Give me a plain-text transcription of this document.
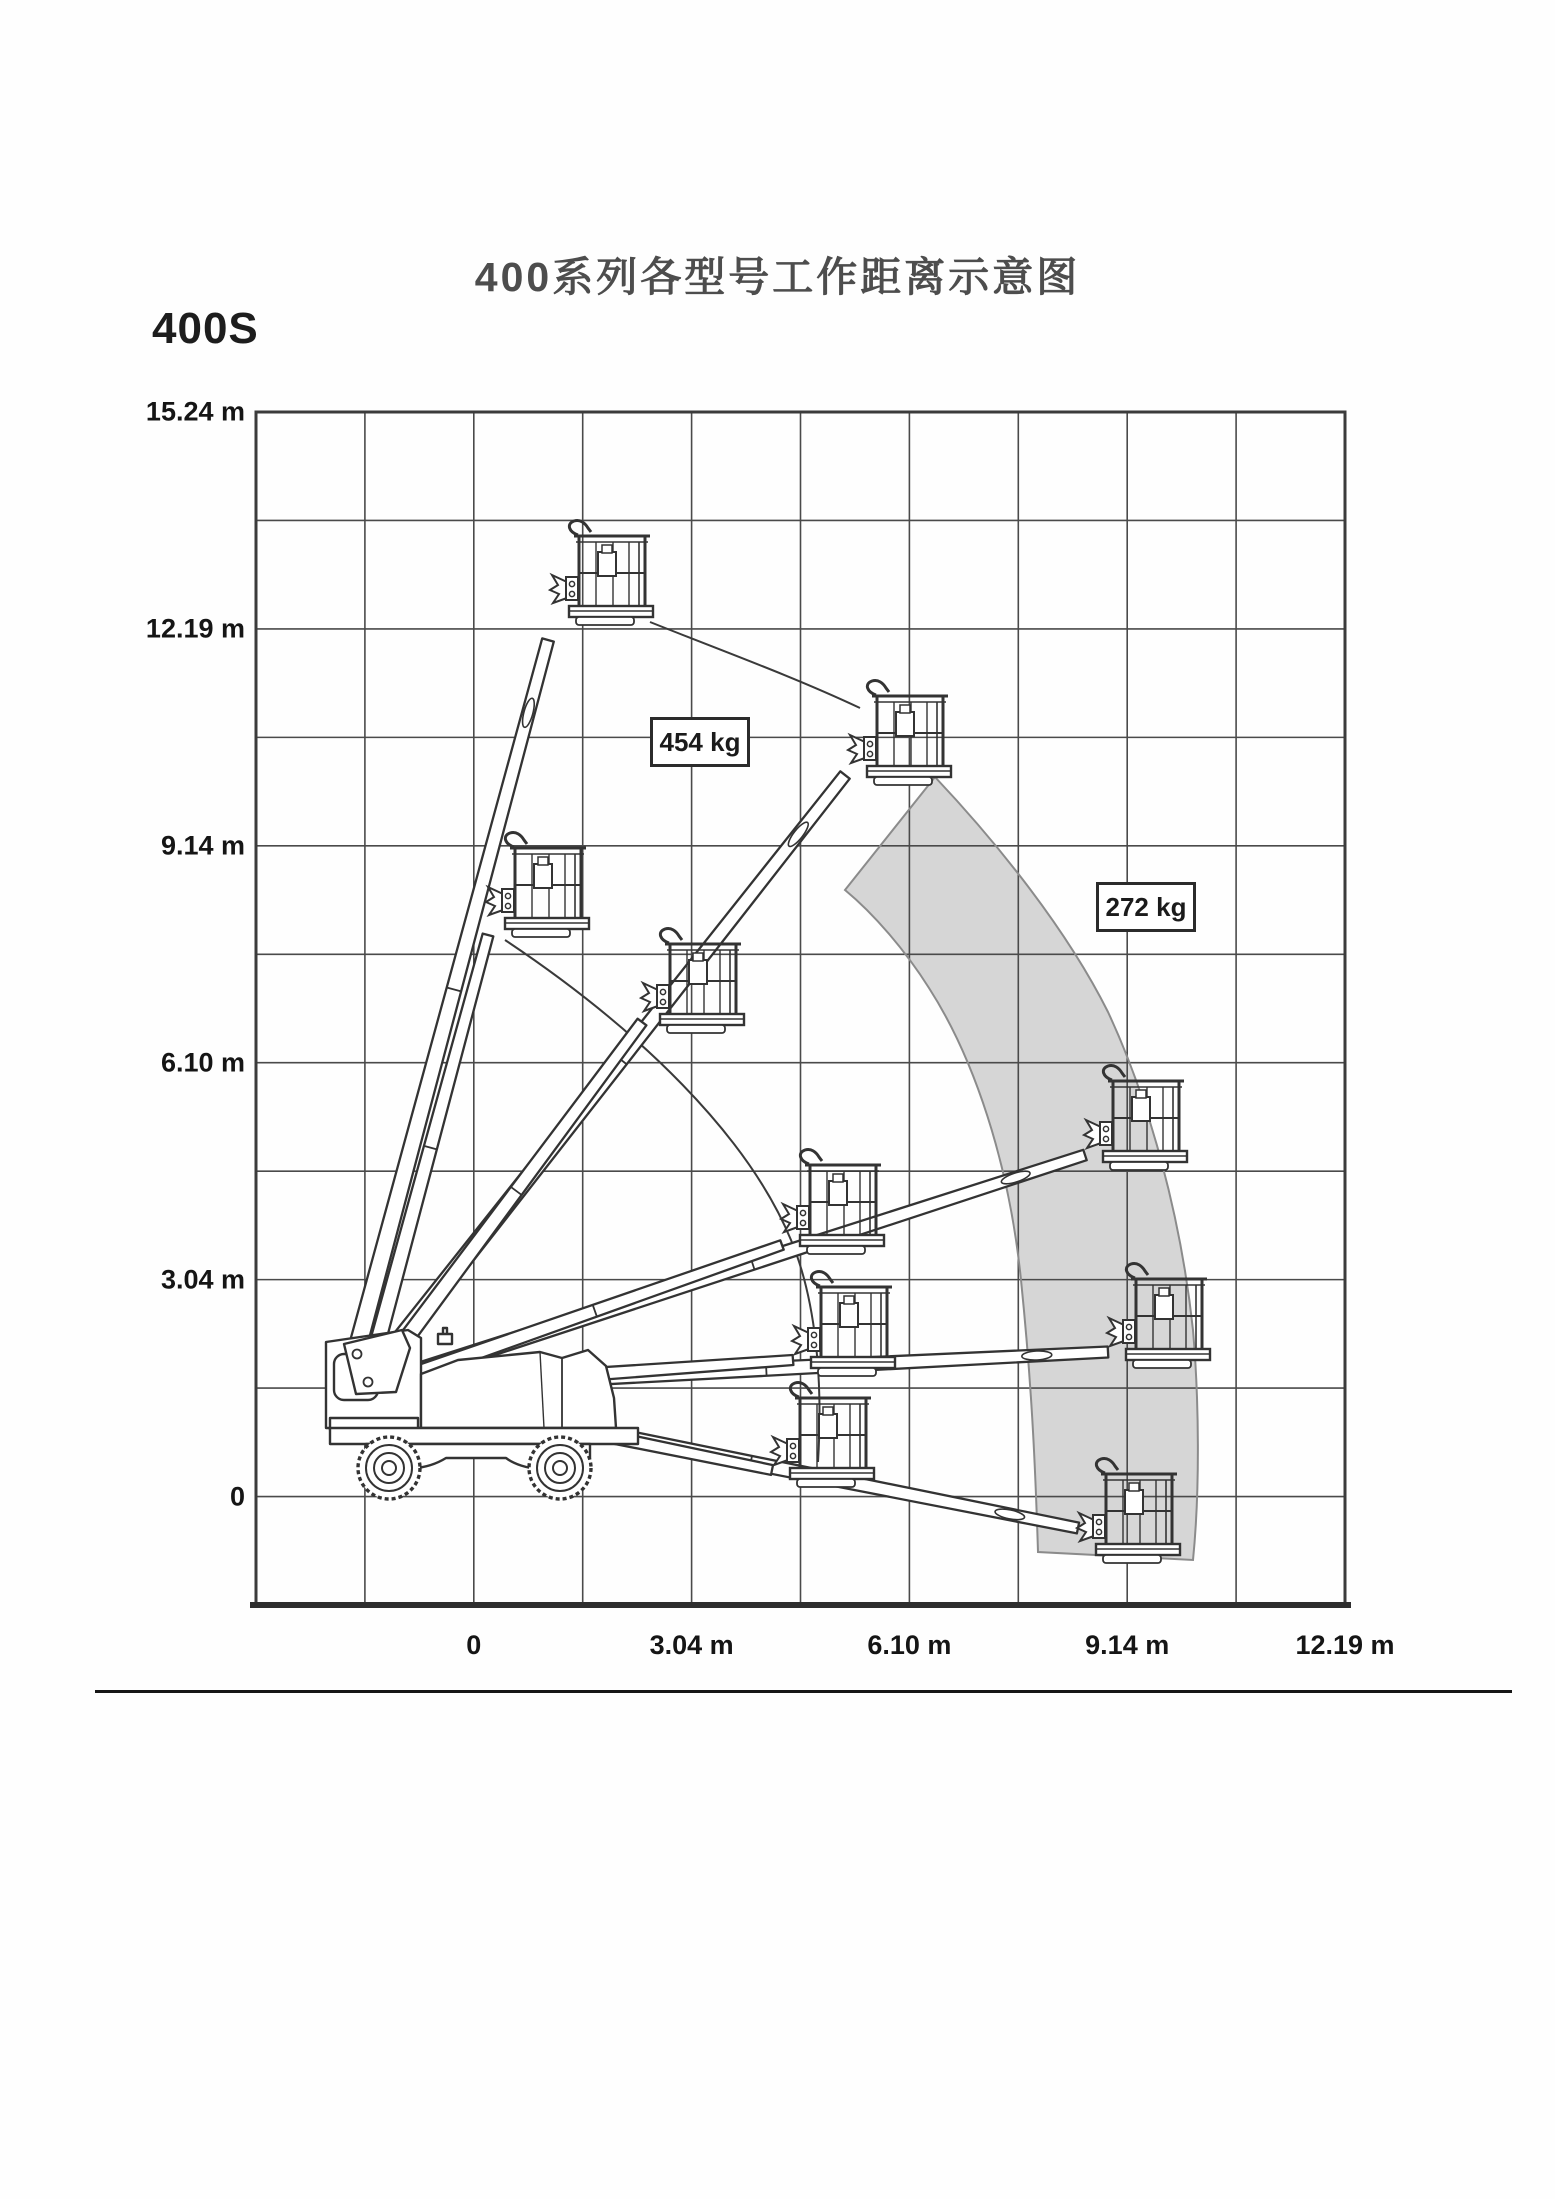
400系列各型号工作距离示意图
400S
15.24 m
12.19 m
9.14 m
6.10 m
3.04 m
0
0	3.04 m	6.10 m	9.14 m	12.19 m
454 kg
272 kg
